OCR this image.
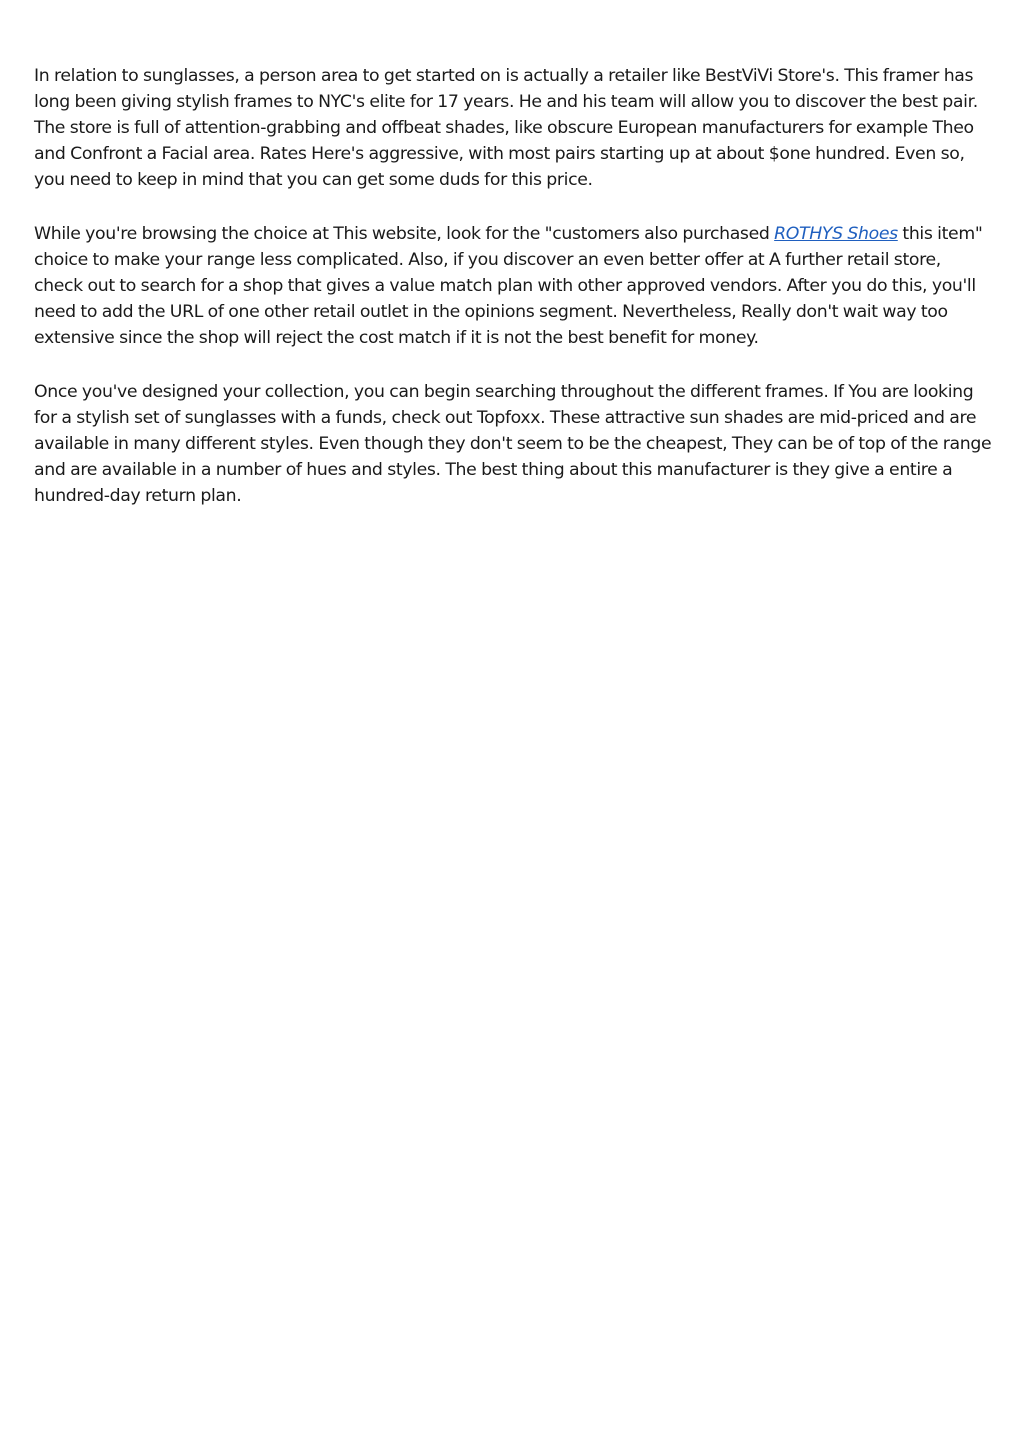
In relation to sunglasses, a person area to get started on is actually a retailer like BestViVi Store's. This framer has long been giving stylish frames to NYC's elite for 17 years. He and his team will allow you to discover the best pair. The store is full of attention-grabbing and offbeat shades, like obscure European manufacturers for example Theo and Confront a Facial area. Rates Here's aggressive, with most pairs starting up at about $one hundred. Even so, you need to keep in mind that you can get some duds for this price.

While you're browsing the choice at This website, look for the "customers also purchased ROTHYS Shoes this item" choice to make your range less complicated. Also, if you discover an even better offer at A further retail store, check out to search for a shop that gives a value match plan with other approved vendors. After you do this, you'll need to add the URL of one other retail outlet in the opinions segment. Nevertheless, Really don't wait way too extensive since the shop will reject the cost match if it is not the best benefit for money.

Once you've designed your collection, you can begin searching throughout the different frames. If You are looking for a stylish set of sunglasses with a funds, check out Topfoxx. These attractive sun shades are mid-priced and are available in many different styles. Even though they don't seem to be the cheapest, They can be of top of the range and are available in a number of hues and styles. The best thing about this manufacturer is they give a entire a hundred-day return plan.
